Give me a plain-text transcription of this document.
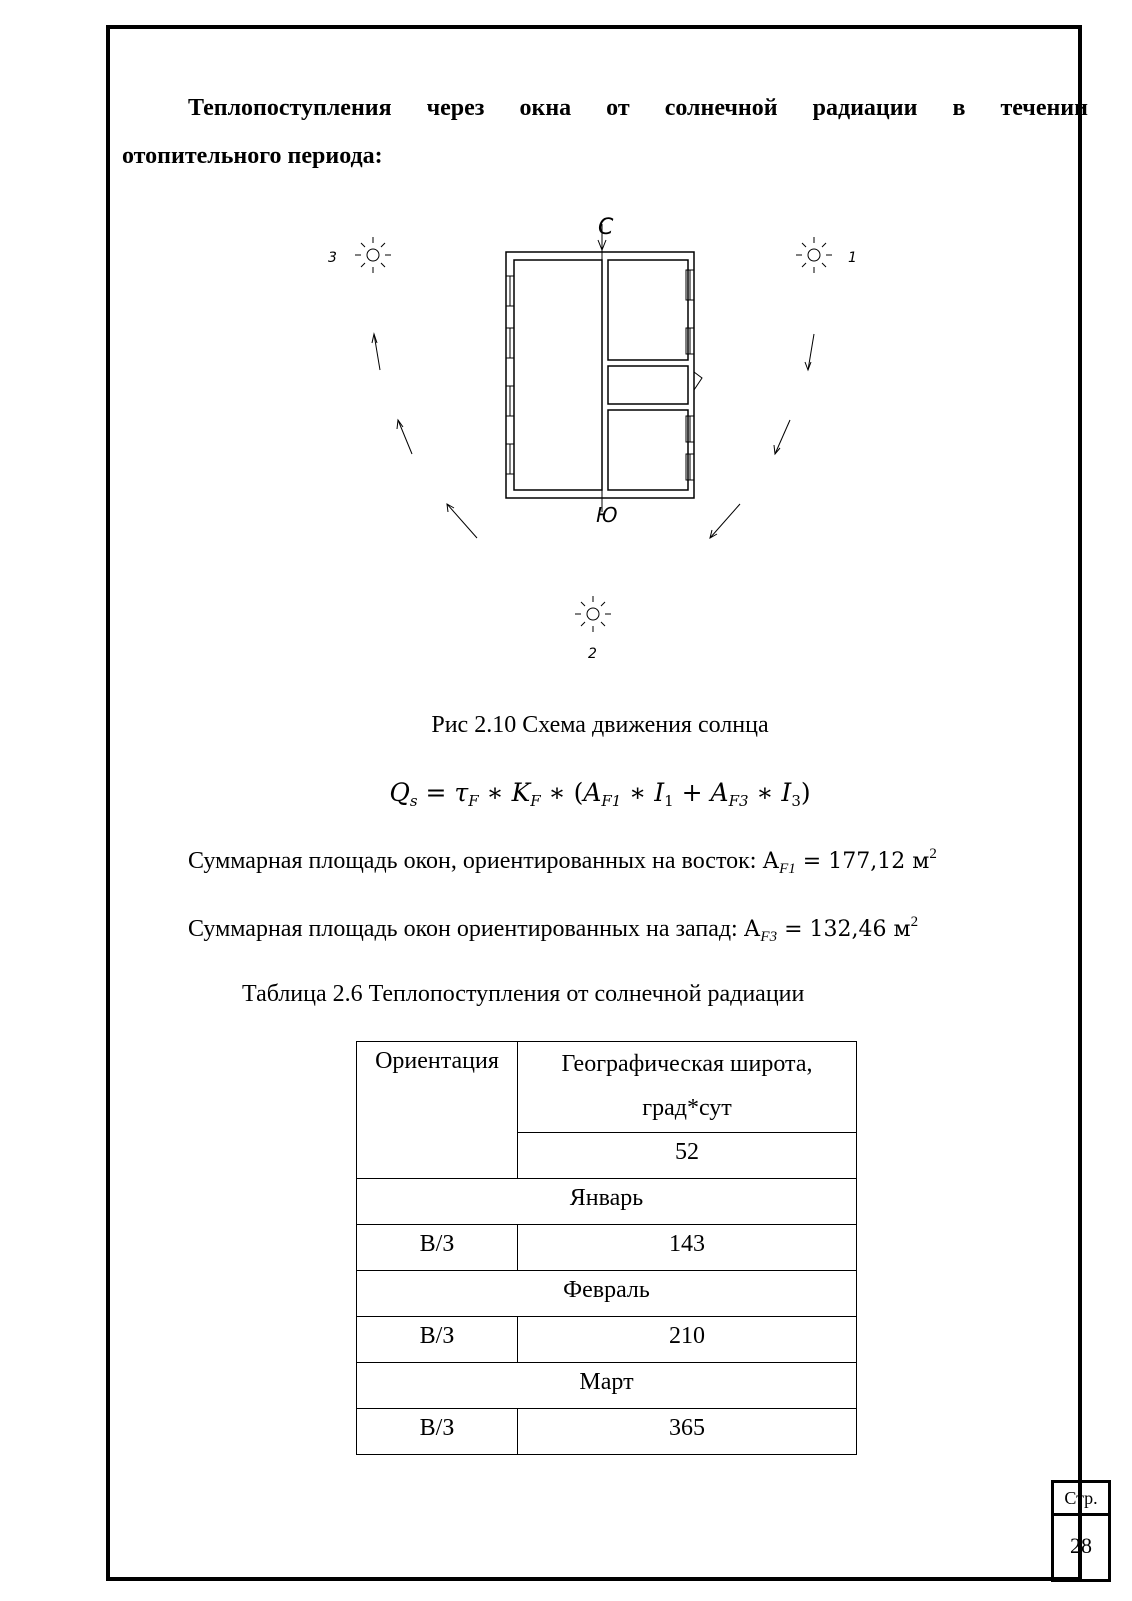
Теплопоступления через окна от солнечной радиации в течении
отопительного периода:
С
Ю
3	1
2
Рис 2.10 Схема движения солнца
$Q_s = \tau_F$ ∗ $K_F$ ∗ ($A_{F1}$ ∗ $I_1 + A_{F3}$ ∗ $I_3$)
Суммарная площадь окон, ориентированных на восток: $А_{F1} = 177,12$ $м^2$
Суммарная площадь окон ориентированных на запад: $А_{F3} = 132,46$ $м^2$
Таблица 2.6 Теплопоступления от солнечной радиации
Ориентация	Географическая широта,
град*сут
	52
Январь	
В/З	143
Февраль	
В/З	210
Март	
В/З	365
Стр.
28
